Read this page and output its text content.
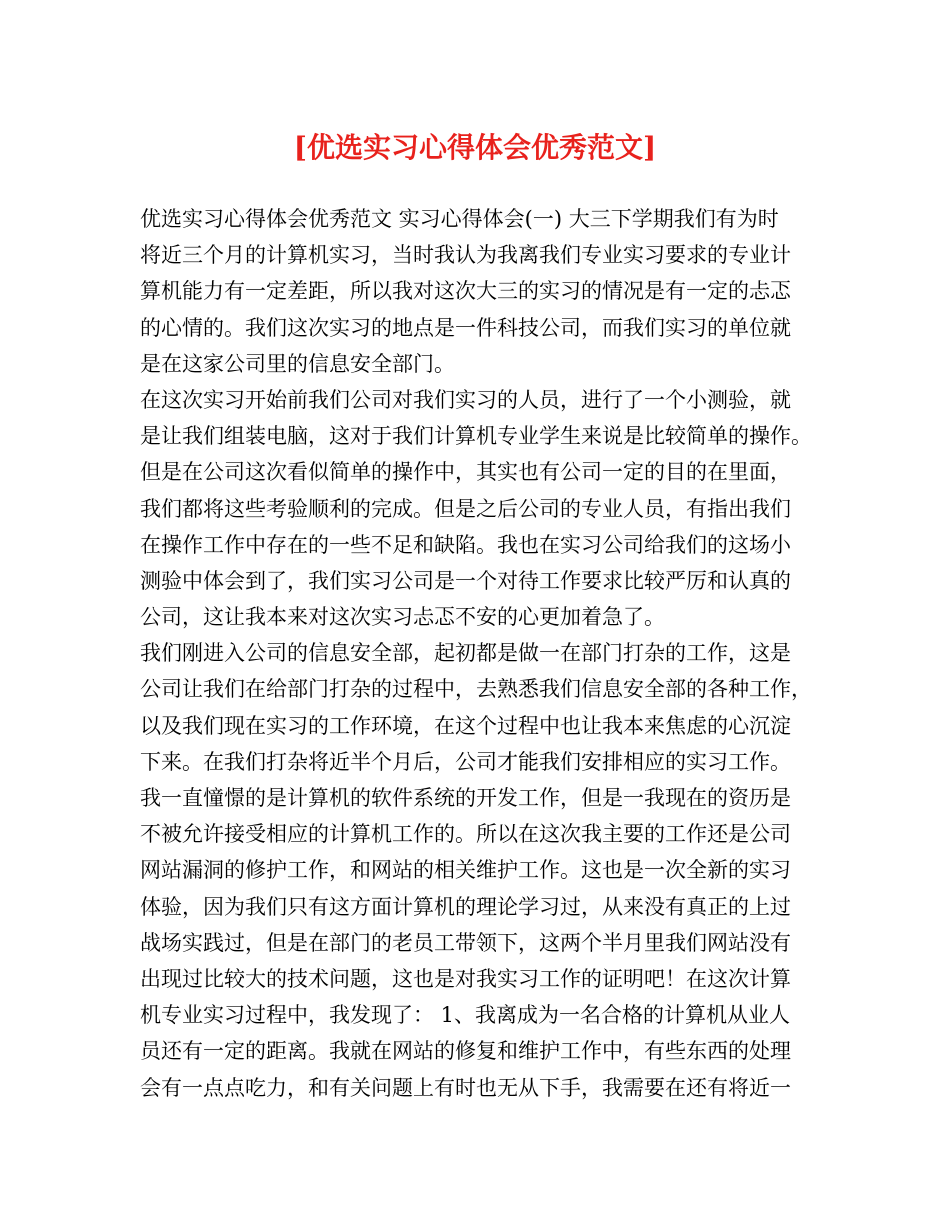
[优选实习心得体会优秀范文]
优选实习心得体会优秀范文 实习心得体会(一) 大三下学期我们有为时
将近三个月的计算机实习，当时我认为我离我们专业实习要求的专业计
算机能力有一定差距，所以我对这次大三的实习的情况是有一定的忐忑
的心情的。我们这次实习的地点是一件科技公司，而我们实习的单位就
是在这家公司里的信息安全部门。
在这次实习开始前我们公司对我们实习的人员，进行了一个小测验，就
是让我们组装电脑，这对于我们计算机专业学生来说是比较简单的操作。
但是在公司这次看似简单的操作中，其实也有公司一定的目的在里面，
我们都将这些考验顺利的完成。但是之后公司的专业人员，有指出我们
在操作工作中存在的一些不足和缺陷。我也在实习公司给我们的这场小
测验中体会到了，我们实习公司是一个对待工作要求比较严厉和认真的
公司，这让我本来对这次实习忐忑不安的心更加着急了。
我们刚进入公司的信息安全部，起初都是做一在部门打杂的工作，这是
公司让我们在给部门打杂的过程中，去熟悉我们信息安全部的各种工作，
以及我们现在实习的工作环境，在这个过程中也让我本来焦虑的心沉淀
下来。在我们打杂将近半个月后，公司才能我们安排相应的实习工作。
我一直憧憬的是计算机的软件系统的开发工作，但是一我现在的资历是
不被允许接受相应的计算机工作的。所以在这次我主要的工作还是公司
网站漏洞的修护工作，和网站的相关维护工作。这也是一次全新的实习
体验，因为我们只有这方面计算机的理论学习过，从来没有真正的上过
战场实践过，但是在部门的老员工带领下，这两个半月里我们网站没有
出现过比较大的技术问题，这也是对我实习工作的证明吧！在这次计算
机专业实习过程中，我发现了： 1、我离成为一名合格的计算机从业人
员还有一定的距离。我就在网站的修复和维护工作中，有些东西的处理
会有一点点吃力，和有关问题上有时也无从下手，我需要在还有将近一
